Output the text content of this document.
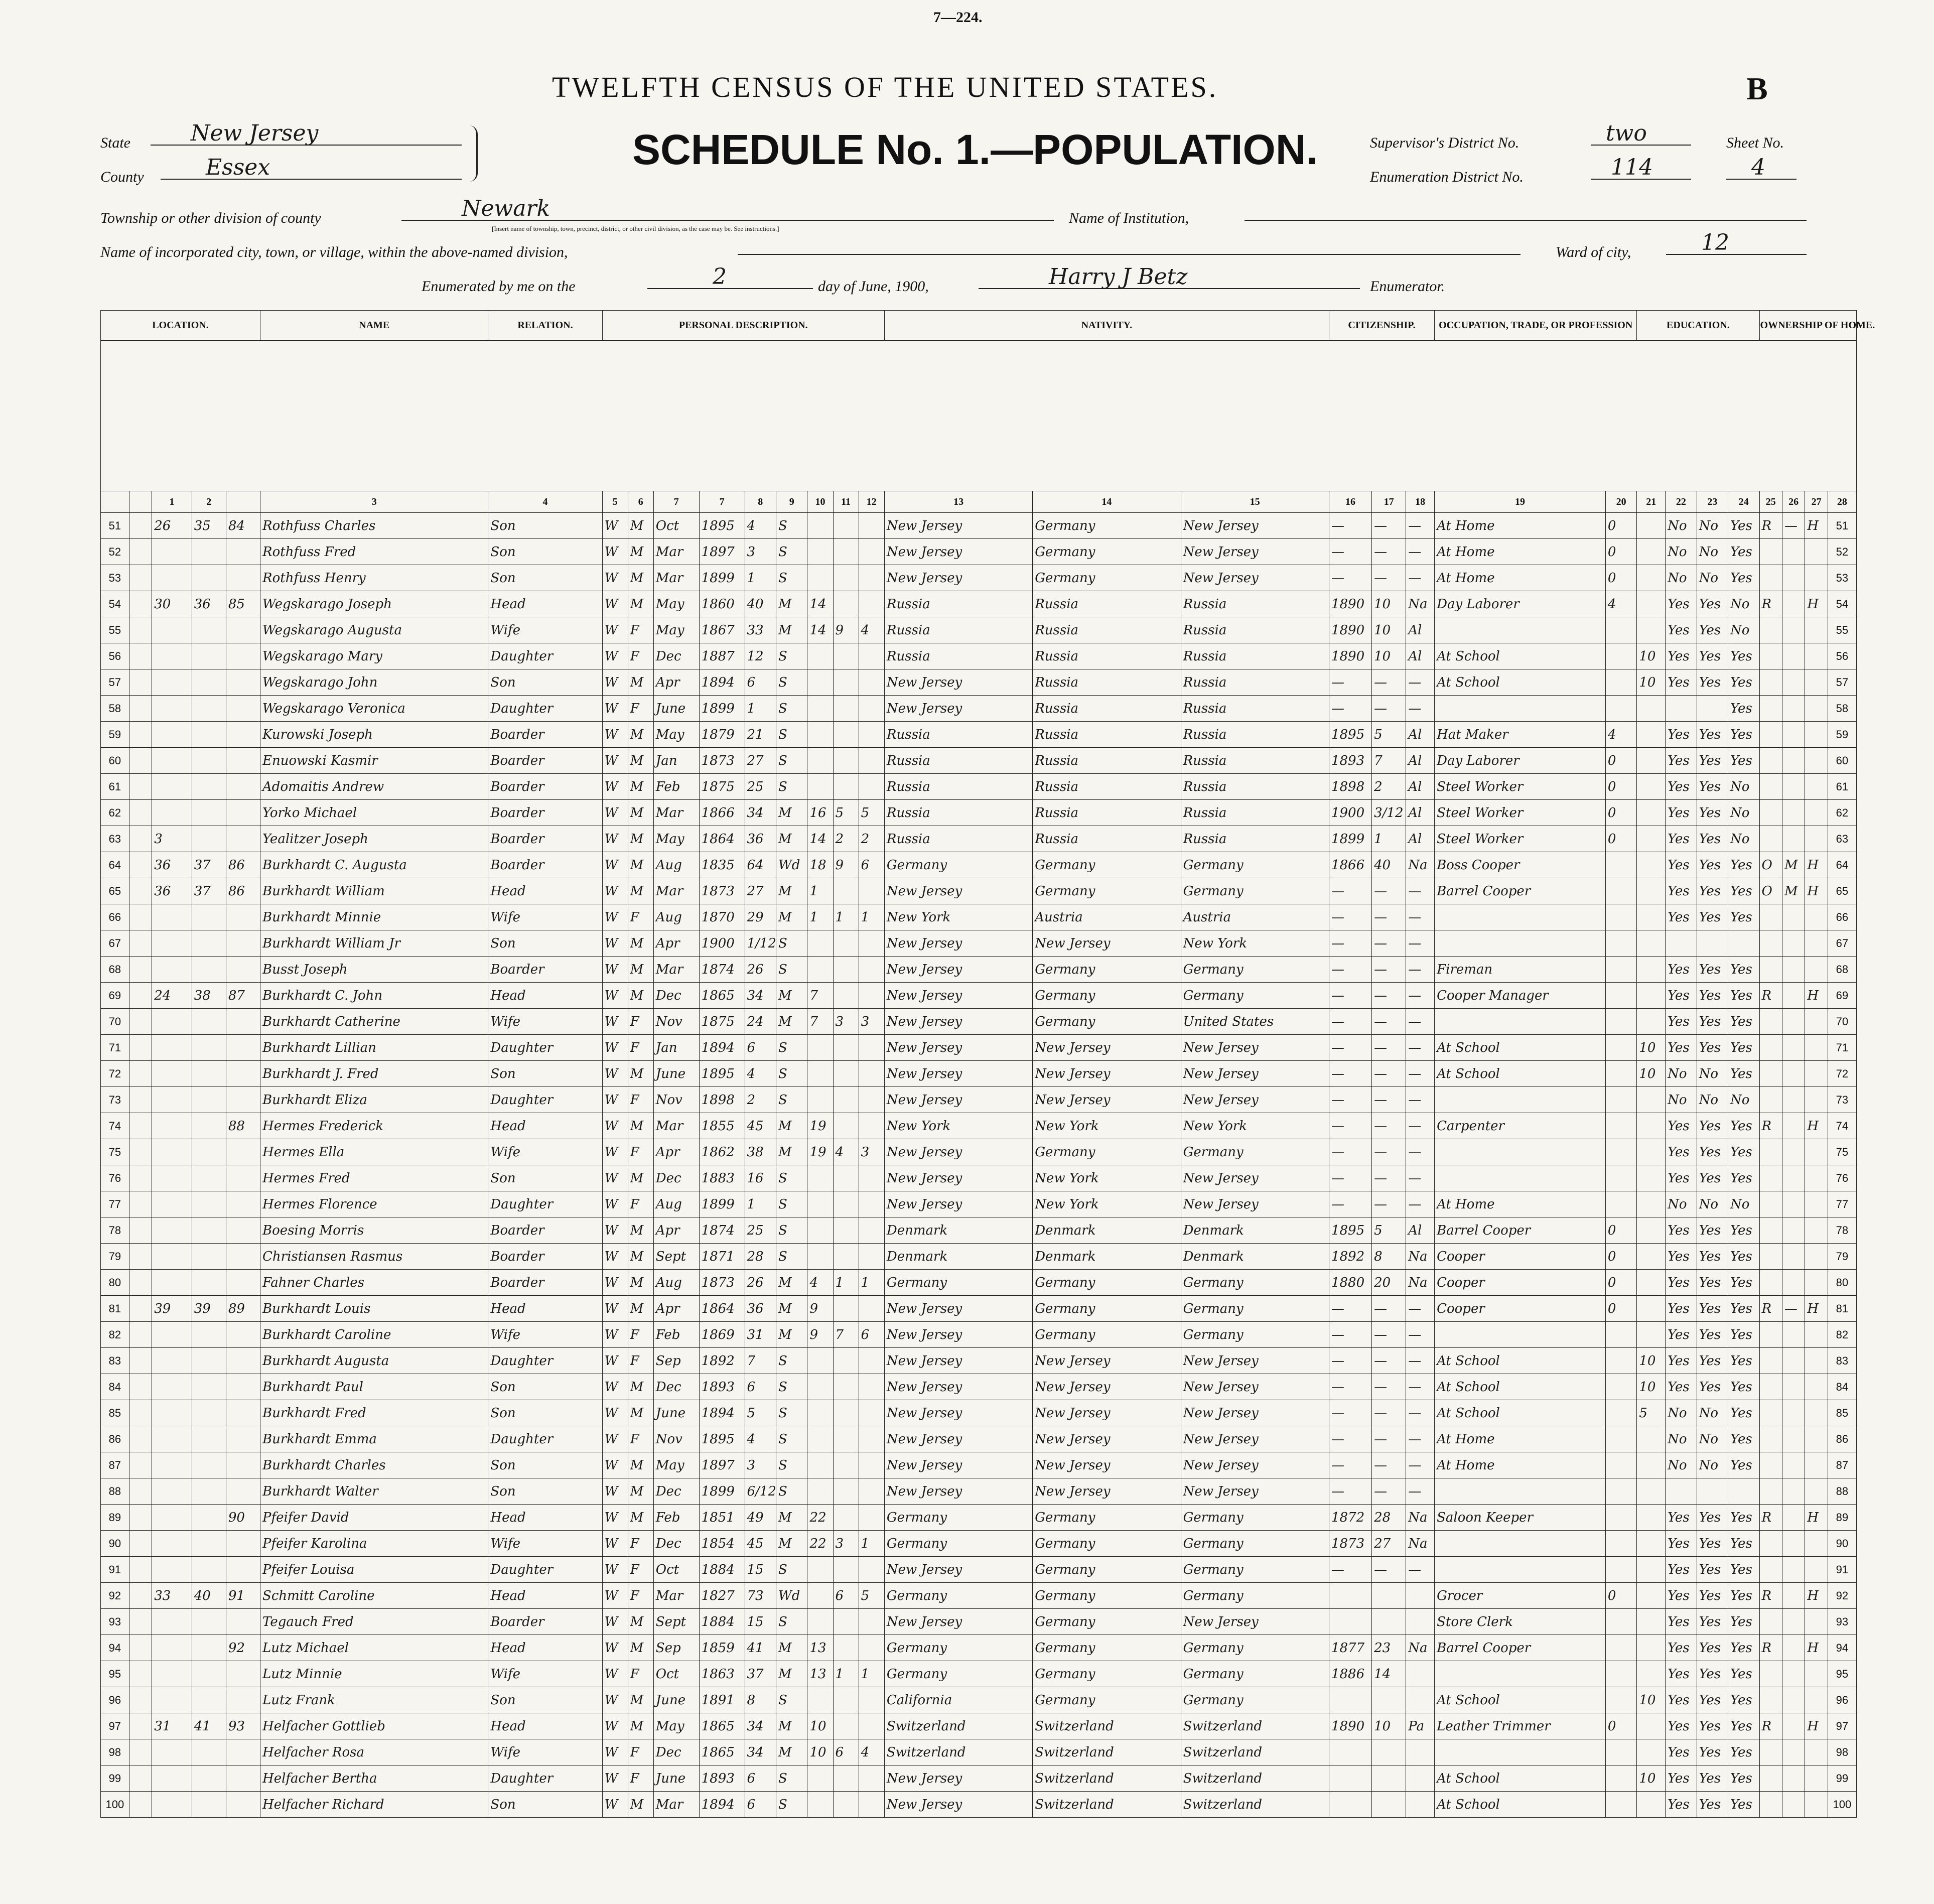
7—224.
TWELFTH CENSUS OF THE UNITED STATES.	B
SCHEDULE No. 1.—POPULATION.
State	New Jersey
County	Essex
Supervisor's District No.	two
Enumeration District No.	114
Sheet No.
4
Township or other division of county	Newark
[Insert name of township, town, precinct, district, or other civil division, as the case may be. See instructions.]
Name of Institution,
Name of incorporated city, town, or village, within the above-named division,	Ward of city,	12
Enumerated by me on the	2	day of June, 1900,	Harry J Betz	Enumerator.
LOCATION.					NAME	RELATION.	PERSONAL DESCRIPTION.									NATIVITY.			CITIZENSHIP.			OCCUPATION, TRADE, OR PROFESSION		EDUCATION.				OWNERSHIP OF HOME.			

		1	2		3	4	5	6	7	7	8	9	10	11	12	13	14	15	16	17	18	19	20	21	22	23	24	25	26	27	28
51		26	35	84	Rothfuss Charles	Son	W	M	Oct	1895	4	S				New Jersey	Germany	New Jersey	—	—	—	At Home	0		No	No	Yes	R	—	H	51
52					Rothfuss Fred	Son	W	M	Mar	1897	3	S				New Jersey	Germany	New Jersey	—	—	—	At Home	0		No	No	Yes				52
53					Rothfuss Henry	Son	W	M	Mar	1899	1	S				New Jersey	Germany	New Jersey	—	—	—	At Home	0		No	No	Yes				53
54		30	36	85	Wegskarago Joseph	Head	W	M	May	1860	40	M	14			Russia	Russia	Russia	1890	10	Na	Day Laborer	4		Yes	Yes	No	R		H	54
55					Wegskarago Augusta	Wife	W	F	May	1867	33	M	14	9	4	Russia	Russia	Russia	1890	10	Al				Yes	Yes	No				55
56					Wegskarago Mary	Daughter	W	F	Dec	1887	12	S				Russia	Russia	Russia	1890	10	Al	At School		10	Yes	Yes	Yes				56
57					Wegskarago John	Son	W	M	Apr	1894	6	S				New Jersey	Russia	Russia	—	—	—	At School		10	Yes	Yes	Yes				57
58					Wegskarago Veronica	Daughter	W	F	June	1899	1	S				New Jersey	Russia	Russia	—	—	—						Yes				58
59					Kurowski Joseph	Boarder	W	M	May	1879	21	S				Russia	Russia	Russia	1895	5	Al	Hat Maker	4		Yes	Yes	Yes				59
60					Enuowski Kasmir	Boarder	W	M	Jan	1873	27	S				Russia	Russia	Russia	1893	7	Al	Day Laborer	0		Yes	Yes	Yes				60
61					Adomaitis Andrew	Boarder	W	M	Feb	1875	25	S				Russia	Russia	Russia	1898	2	Al	Steel Worker	0		Yes	Yes	No				61
62					Yorko Michael	Boarder	W	M	Mar	1866	34	M	16	5	5	Russia	Russia	Russia	1900	3/12	Al	Steel Worker	0		Yes	Yes	No				62
63		3			Yealitzer Joseph	Boarder	W	M	May	1864	36	M	14	2	2	Russia	Russia	Russia	1899	1	Al	Steel Worker	0		Yes	Yes	No				63
64		36	37	86	Burkhardt C. Augusta	Boarder	W	M	Aug	1835	64	Wd	18	9	6	Germany	Germany	Germany	1866	40	Na	Boss Cooper			Yes	Yes	Yes	O	M	H	64
65		36	37	86	Burkhardt William	Head	W	M	Mar	1873	27	M	1			New Jersey	Germany	Germany	—	—	—	Barrel Cooper			Yes	Yes	Yes	O	M	H	65
66					Burkhardt Minnie	Wife	W	F	Aug	1870	29	M	1	1	1	New York	Austria	Austria	—	—	—				Yes	Yes	Yes				66
67					Burkhardt William Jr	Son	W	M	Apr	1900	1/12	S				New Jersey	New Jersey	New York	—	—	—										67
68					Busst Joseph	Boarder	W	M	Mar	1874	26	S				New Jersey	Germany	Germany	—	—	—	Fireman			Yes	Yes	Yes				68
69		24	38	87	Burkhardt C. John	Head	W	M	Dec	1865	34	M	7			New Jersey	Germany	Germany	—	—	—	Cooper Manager			Yes	Yes	Yes	R		H	69
70					Burkhardt Catherine	Wife	W	F	Nov	1875	24	M	7	3	3	New Jersey	Germany	United States	—	—	—				Yes	Yes	Yes				70
71					Burkhardt Lillian	Daughter	W	F	Jan	1894	6	S				New Jersey	New Jersey	New Jersey	—	—	—	At School		10	Yes	Yes	Yes				71
72					Burkhardt J. Fred	Son	W	M	June	1895	4	S				New Jersey	New Jersey	New Jersey	—	—	—	At School		10	No	No	Yes				72
73					Burkhardt Eliza	Daughter	W	F	Nov	1898	2	S				New Jersey	New Jersey	New Jersey	—	—	—				No	No	No				73
74				88	Hermes Frederick	Head	W	M	Mar	1855	45	M	19			New York	New York	New York	—	—	—	Carpenter			Yes	Yes	Yes	R		H	74
75					Hermes Ella	Wife	W	F	Apr	1862	38	M	19	4	3	New Jersey	Germany	Germany	—	—	—				Yes	Yes	Yes				75
76					Hermes Fred	Son	W	M	Dec	1883	16	S				New Jersey	New York	New Jersey	—	—	—				Yes	Yes	Yes				76
77					Hermes Florence	Daughter	W	F	Aug	1899	1	S				New Jersey	New York	New Jersey	—	—	—	At Home			No	No	No				77
78					Boesing Morris	Boarder	W	M	Apr	1874	25	S				Denmark	Denmark	Denmark	1895	5	Al	Barrel Cooper	0		Yes	Yes	Yes				78
79					Christiansen Rasmus	Boarder	W	M	Sept	1871	28	S				Denmark	Denmark	Denmark	1892	8	Na	Cooper	0		Yes	Yes	Yes				79
80					Fahner Charles	Boarder	W	M	Aug	1873	26	M	4	1	1	Germany	Germany	Germany	1880	20	Na	Cooper	0		Yes	Yes	Yes				80
81		39	39	89	Burkhardt Louis	Head	W	M	Apr	1864	36	M	9			New Jersey	Germany	Germany	—	—	—	Cooper	0		Yes	Yes	Yes	R	—	H	81
82					Burkhardt Caroline	Wife	W	F	Feb	1869	31	M	9	7	6	New Jersey	Germany	Germany	—	—	—				Yes	Yes	Yes				82
83					Burkhardt Augusta	Daughter	W	F	Sep	1892	7	S				New Jersey	New Jersey	New Jersey	—	—	—	At School		10	Yes	Yes	Yes				83
84					Burkhardt Paul	Son	W	M	Dec	1893	6	S				New Jersey	New Jersey	New Jersey	—	—	—	At School		10	Yes	Yes	Yes				84
85					Burkhardt Fred	Son	W	M	June	1894	5	S				New Jersey	New Jersey	New Jersey	—	—	—	At School		5	No	No	Yes				85
86					Burkhardt Emma	Daughter	W	F	Nov	1895	4	S				New Jersey	New Jersey	New Jersey	—	—	—	At Home			No	No	Yes				86
87					Burkhardt Charles	Son	W	M	May	1897	3	S				New Jersey	New Jersey	New Jersey	—	—	—	At Home			No	No	Yes				87
88					Burkhardt Walter	Son	W	M	Dec	1899	6/12	S				New Jersey	New Jersey	New Jersey	—	—	—										88
89				90	Pfeifer David	Head	W	M	Feb	1851	49	M	22			Germany	Germany	Germany	1872	28	Na	Saloon Keeper			Yes	Yes	Yes	R		H	89
90					Pfeifer Karolina	Wife	W	F	Dec	1854	45	M	22	3	1	Germany	Germany	Germany	1873	27	Na				Yes	Yes	Yes				90
91					Pfeifer Louisa	Daughter	W	F	Oct	1884	15	S				New Jersey	Germany	Germany	—	—	—				Yes	Yes	Yes				91
92		33	40	91	Schmitt Caroline	Head	W	F	Mar	1827	73	Wd		6	5	Germany	Germany	Germany				Grocer	0		Yes	Yes	Yes	R		H	92
93					Tegauch Fred	Boarder	W	M	Sept	1884	15	S				New Jersey	Germany	New Jersey				Store Clerk			Yes	Yes	Yes				93
94				92	Lutz Michael	Head	W	M	Sep	1859	41	M	13			Germany	Germany	Germany	1877	23	Na	Barrel Cooper			Yes	Yes	Yes	R		H	94
95					Lutz Minnie	Wife	W	F	Oct	1863	37	M	13	1	1	Germany	Germany	Germany	1886	14					Yes	Yes	Yes				95
96					Lutz Frank	Son	W	M	June	1891	8	S				California	Germany	Germany				At School		10	Yes	Yes	Yes				96
97		31	41	93	Helfacher Gottlieb	Head	W	M	May	1865	34	M	10			Switzerland	Switzerland	Switzerland	1890	10	Pa	Leather Trimmer	0		Yes	Yes	Yes	R		H	97
98					Helfacher Rosa	Wife	W	F	Dec	1865	34	M	10	6	4	Switzerland	Switzerland	Switzerland							Yes	Yes	Yes				98
99					Helfacher Bertha	Daughter	W	F	June	1893	6	S				New Jersey	Switzerland	Switzerland				At School		10	Yes	Yes	Yes				99
100					Helfacher Richard	Son	W	M	Mar	1894	6	S				New Jersey	Switzerland	Switzerland				At School			Yes	Yes	Yes				100
